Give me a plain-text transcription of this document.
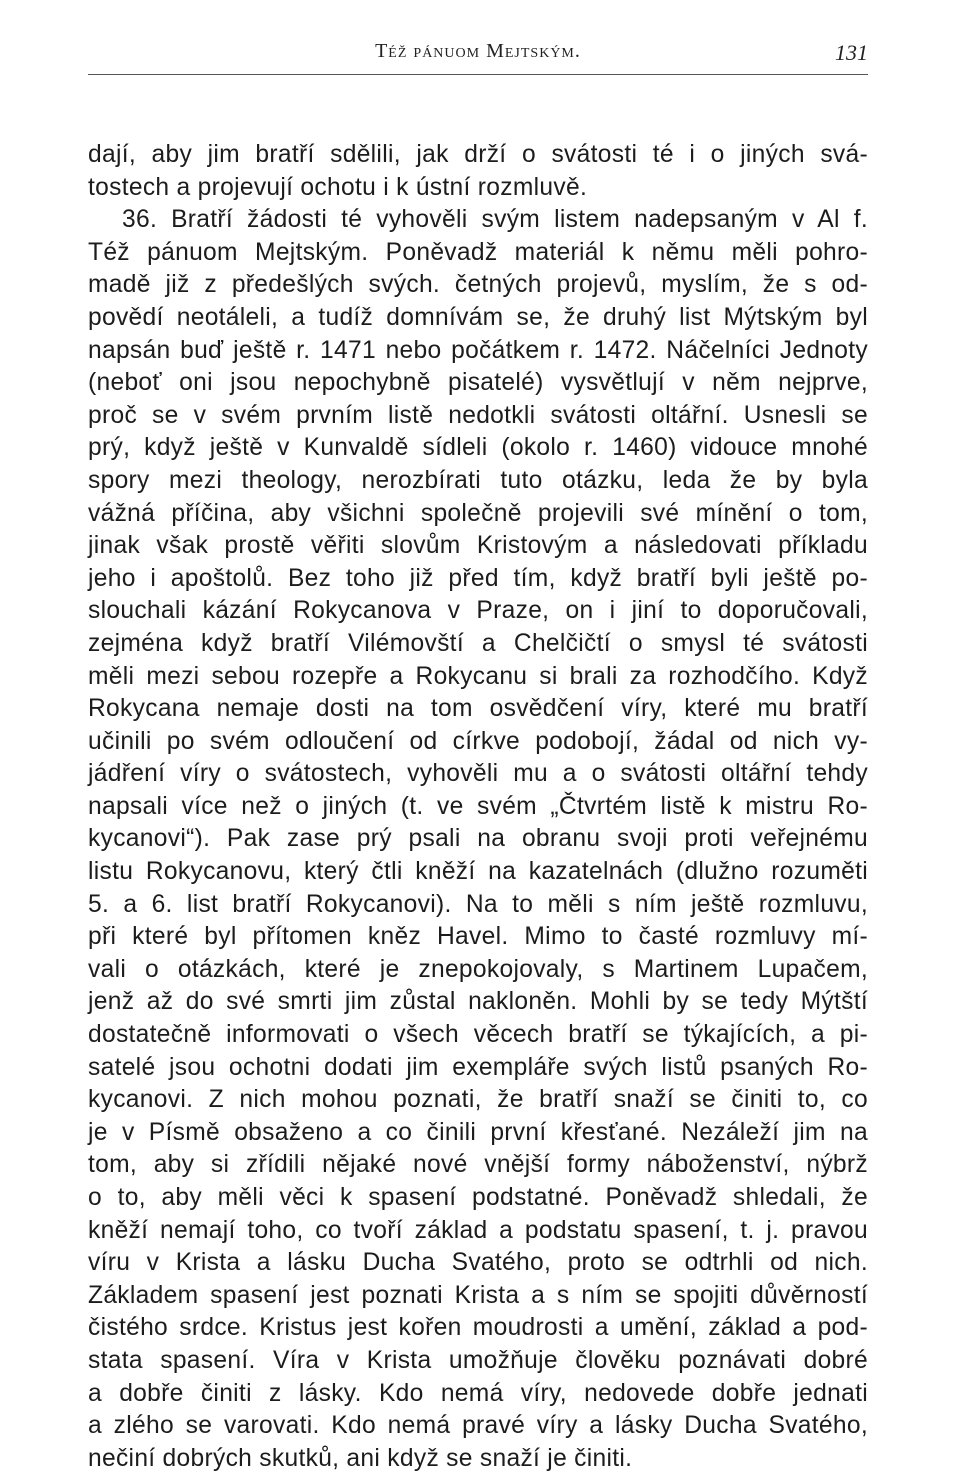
Též pánuom Mejtským.	131
dají, aby jim bratří sdělili, jak drží o svátosti té i o jiných svá-
tostech a projevují ochotu i k ústní rozmluvě.
36. Bratří žádosti té vyhověli svým listem nadepsaným v Al f.
Též pánuom Mejtským. Poněvadž materiál k němu měli pohro-
madě již z předešlých svých. četných projevů, myslím, že s od-
povědí neotáleli, a tudíž domnívám se, že druhý list Mýtským byl
napsán buď ještě r. 1471 nebo počátkem r. 1472. Náčelníci Jednoty
(neboť oni jsou nepochybně pisatelé) vysvětlují v něm nejprve,
proč se v svém prvním listě nedotkli svátosti oltářní. Usnesli se
prý, když ještě v Kunvaldě sídleli (okolo r. 1460) vidouce mnohé
spory mezi theology, nerozbírati tuto otázku, leda že by byla
vážná příčina, aby všichni společně projevili své mínění o tom,
jinak však prostě věřiti slovům Kristovým a následovati příkladu
jeho i apoštolů. Bez toho již před tím, když bratří byli ještě po-
slouchali kázání Rokycanova v Praze, on i jiní to doporučovali,
zejména když bratří Vilémovští a Chelčičtí o smysl té svátosti
měli mezi sebou rozepře a Rokycanu si brali za rozhodčího. Když
Rokycana nemaje dosti na tom osvědčení víry, které mu bratří
učinili po svém odloučení od církve podobojí, žádal od nich vy-
jádření víry o svátostech, vyhověli mu a o svátosti oltářní tehdy
napsali více než o jiných (t. ve svém „Čtvrtém listě k mistru Ro-
kycanovi“). Pak zase prý psali na obranu svoji proti veřejnému
listu Rokycanovu, který čtli kněží na kazatelnách (dlužno rozuměti
5. a 6. list bratří Rokycanovi). Na to měli s ním ještě rozmluvu,
při které byl přítomen kněz Havel. Mimo to časté rozmluvy mí-
vali o otázkách, které je znepokojovaly, s Martinem Lupačem,
jenž až do své smrti jim zůstal nakloněn. Mohli by se tedy Mýtští
dostatečně informovati o všech věcech bratří se týkajících, a pi-
satelé jsou ochotni dodati jim exempláře svých listů psaných Ro-
kycanovi. Z nich mohou poznati, že bratří snaží se činiti to, co
je v Písmě obsaženo a co činili první křesťané. Nezáleží jim na
tom, aby si zřídili nějaké nové vnější formy náboženství, nýbrž
o to, aby měli věci k spasení podstatné. Poněvadž shledali, že
kněží nemají toho, co tvoří základ a podstatu spasení, t. j. pravou
víru v Krista a lásku Ducha Svatého, proto se odtrhli od nich.
Základem spasení jest poznati Krista a s ním se spojiti důvěrností
čistého srdce. Kristus jest kořen moudrosti a umění, základ a pod-
stata spasení. Víra v Krista umožňuje člověku poznávati dobré
a dobře činiti z lásky. Kdo nemá víry, nedovede dobře jednati
a zlého se varovati. Kdo nemá pravé víry a lásky Ducha Svatého,
nečiní dobrých skutků, ani když se snaží je činiti.
